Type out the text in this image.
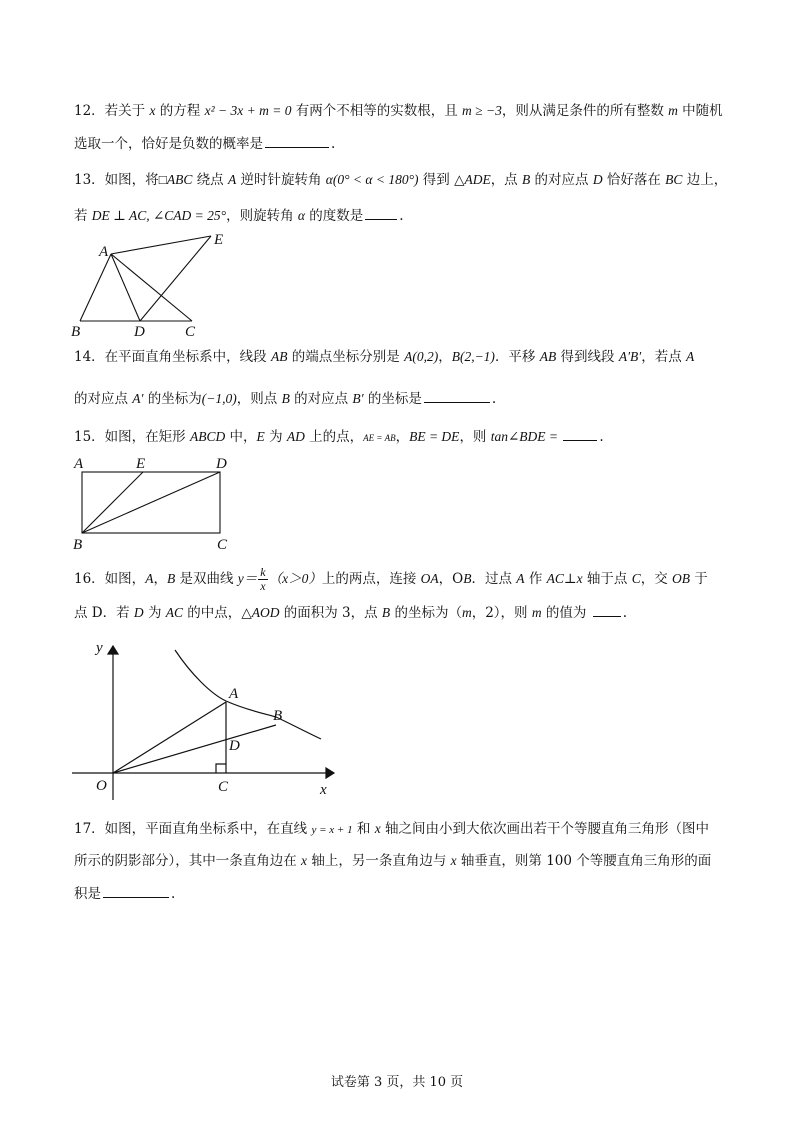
12．若关于 x 的方程 x² − 3x + m = 0 有两个不相等的实数根，且 m ≥ −3，则从满足条件的所有整数 m 中随机
选取一个，恰好是负数的概率是	.
13．如图，将□ABC 绕点 A 逆时针旋转角 α(0° < α < 180°) 得到 △ADE，点 B 的对应点 D 恰好落在 BC 边上，
若 DE ⊥ AC, ∠CAD = 25°，则旋转角 α 的度数是	.
A
E
B	D	C
14．在平面直角坐标系中，线段 AB 的端点坐标分别是 A(0,2)，B(2,−1)．平移 AB 得到线段 A′B′，若点 A
的对应点 A′ 的坐标为(−1,0)，则点 B 的对应点 B′ 的坐标是	.
15．如图，在矩形 ABCD 中，E 为 AD 上的点，AE = AB，BE = DE，则 tan∠BDE =	.
A	E	D
B	C
16．如图，A，B 是双曲线 $y= \frac{k}{x} (x>0)$上的两点，连接 OA，OB．过点 A 作 AC⊥x 轴于点 C，交 OB 于
点 D．若 D 为 AC 的中点，△AOD 的面积为 3，点 B 的坐标为（m，2），则 m 的值为 .
y
x
O
A
B
D
C
17．如图，平面直角坐标系中，在直线 y = x + 1 和 x 轴之间由小到大依次画出若干个等腰直角三角形（图中
所示的阴影部分），其中一条直角边在 x 轴上，另一条直角边与 x 轴垂直，则第 100 个等腰直角三角形的面
积是	.
试卷第 3 页，共 10 页
